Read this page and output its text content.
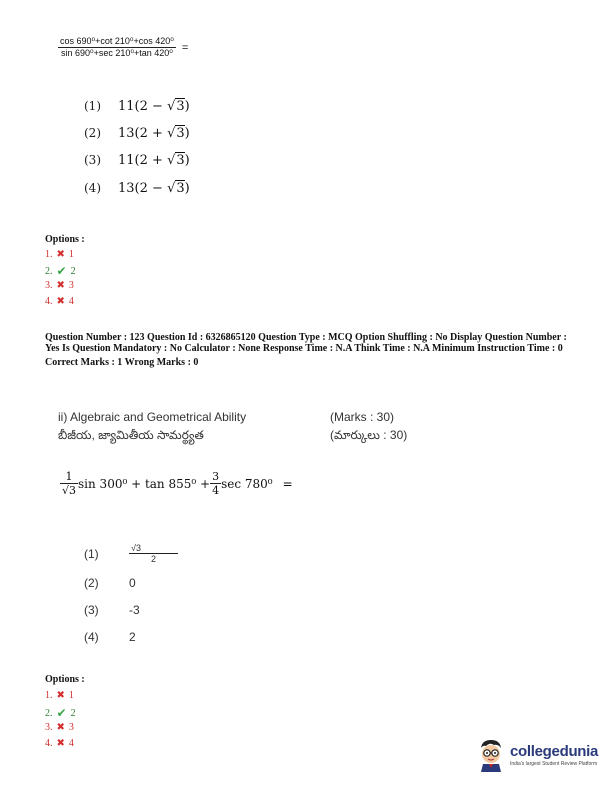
$\frac{\text{cos 690⁰+cot 210⁰+cos 420⁰}}{\text{sin 690⁰+sec 210⁰+tan 420⁰}}$ =
(1)	11(2 −
√3 )
(2)	13(2 +
√3 )
(3)	11(2 +
√3 )
(4)	13(2 −
√3 )
Options :
1. ✖ 1
2. ✔ 2
3. ✖ 3
4. ✖ 4
Question Number : 123 Question Id : 6326865120 Question Type : MCQ Option Shuffling : No Display Question Number : Yes Is Question Mandatory : No Calculator : None Response Time : N.A Think Time : N.A Minimum Instruction Time : 0
Correct Marks : 1 Wrong Marks : 0
ii) Algebraic and Geometrical Ability
బీజీయ, జ్యామితీయ సామర్థ్యత
(Marks : 30)
(మార్కులు : 30)
$\frac{1}{√3}$ $\sin 300^0 + \tan 855^0 + \frac{3}{4}$ sec 780⁰ =
(1)	$\frac{√3}{2}$
(2)	0
(3)	-3
(4)	2
Options :
1. ✖ 1
2. ✔ 2
3. ✖ 3
4. ✖ 4	collegedunia
India's largest Student Review Platform
